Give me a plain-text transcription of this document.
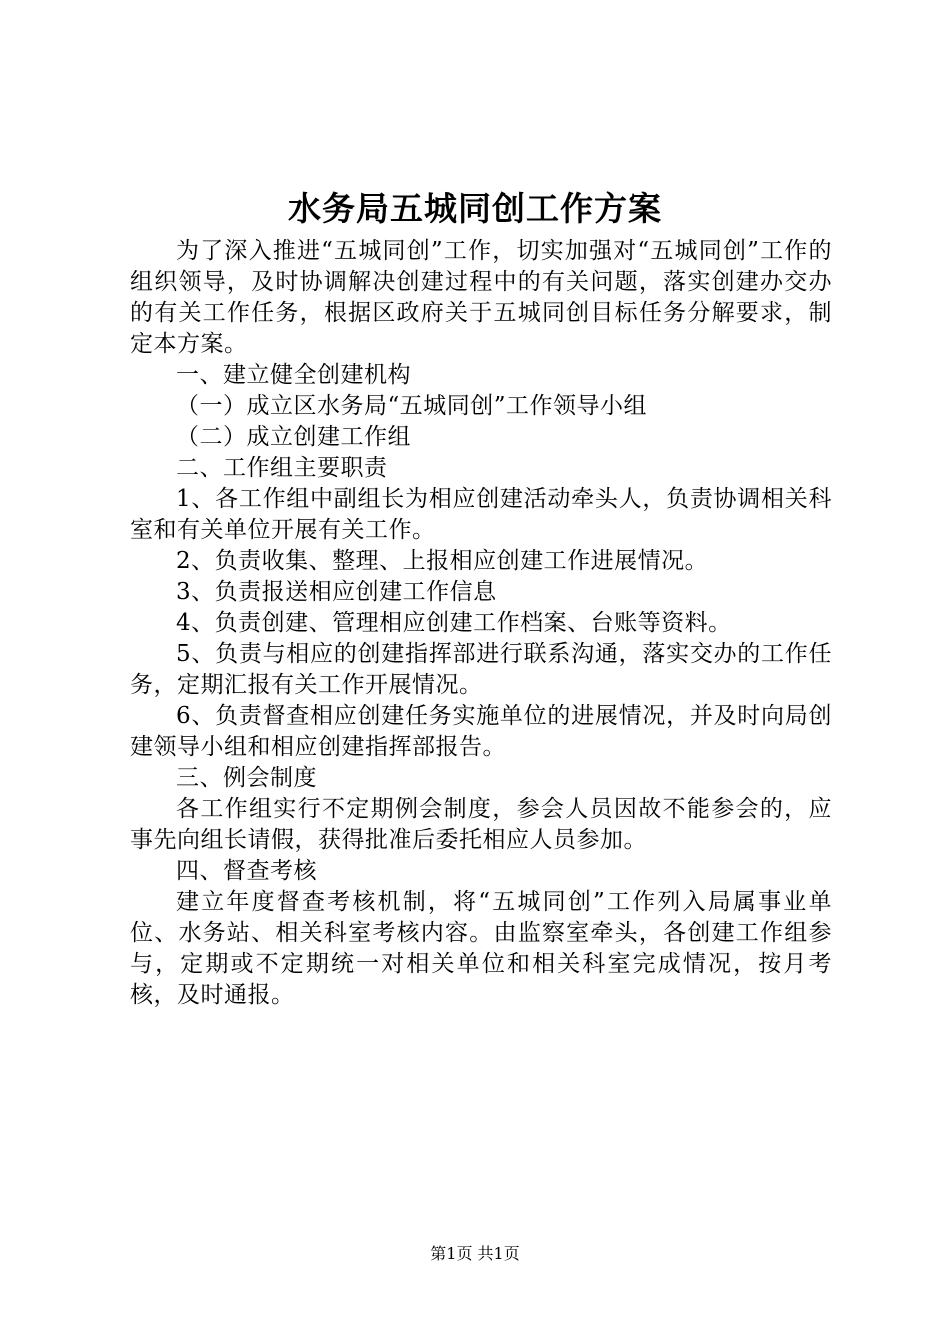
水务局五城同创工作方案

为了深入推进“五城同创”工作，切实加强对“五城同创”工作的组织领导，及时协调解决创建过程中的有关问题，落实创建办交办的有关工作任务，根据区政府关于五城同创目标任务分解要求，制定本方案。

一、建立健全创建机构

（一）成立区水务局“五城同创”工作领导小组

（二）成立创建工作组

二、工作组主要职责

1、各工作组中副组长为相应创建活动牵头人，负责协调相关科室和有关单位开展有关工作。

2、负责收集、整理、上报相应创建工作进展情况。

3、负责报送相应创建工作信息

4、负责创建、管理相应创建工作档案、台账等资料。

5、负责与相应的创建指挥部进行联系沟通，落实交办的工作任务，定期汇报有关工作开展情况。

6、负责督查相应创建任务实施单位的进展情况，并及时向局创建领导小组和相应创建指挥部报告。

三、例会制度

各工作组实行不定期例会制度，参会人员因故不能参会的，应事先向组长请假，获得批准后委托相应人员参加。

四、督查考核

建立年度督查考核机制，将“五城同创”工作列入局属事业单位、水务站、相关科室考核内容。由监察室牵头，各创建工作组参与，定期或不定期统一对相关单位和相关科室完成情况，按月考核，及时通报。

第1页 共1页
